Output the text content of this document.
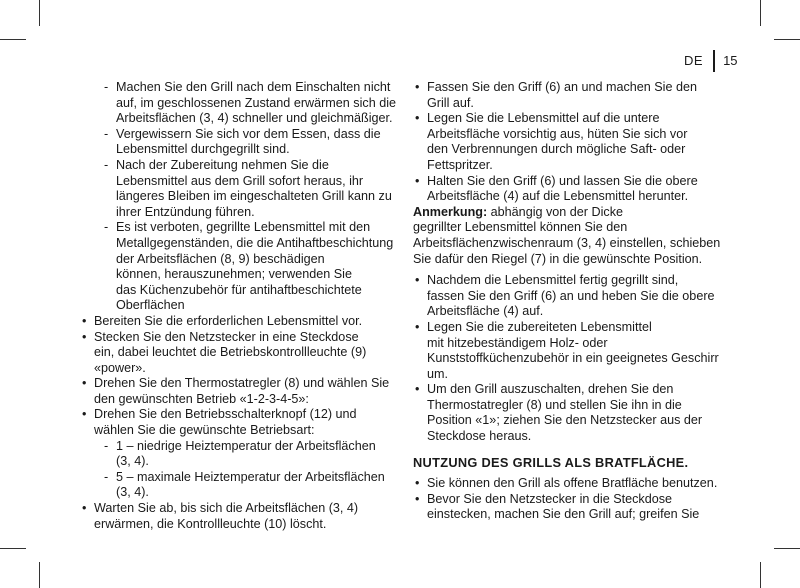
DE 15
- Machen Sie den Grill nach dem Einschalten nicht
auf, im geschlossenen Zustand erwärmen sich die
Arbeitsflächen (3, 4) schneller und gleichmäßiger.
- Vergewissern Sie sich vor dem Essen, dass die
Lebensmittel durchgegrillt sind.
- Nach der Zubereitung nehmen Sie die
Lebensmittel aus dem Grill sofort heraus, ihr
längeres Bleiben im eingeschalteten Grill kann zu
ihrer Entzündung führen.
- Es ist verboten, gegrillte Lebensmittel mit den
Metallgegenständen, die die Antihaftbeschichtung
der Arbeitsflächen (8, 9) beschädigen
können, herauszunehmen; verwenden Sie
das Küchenzubehör für antihaftbeschichtete
Oberflächen
• Bereiten Sie die erforderlichen Lebensmittel vor.
• Stecken Sie den Netzstecker in eine Steckdose
ein, dabei leuchtet die Betriebskontrollleuchte (9)
«power».
• Drehen Sie den Thermostatregler (8) und wählen Sie
den gewünschten Betrieb «1-2-3-4-5»:
• Drehen Sie den Betriebsschalterknopf (12) und
wählen Sie die gewünschte Betriebsart:
- 1 – niedrige Heiztemperatur der Arbeitsflächen
(3, 4).
- 5 – maximale Heiztemperatur der Arbeitsflächen
(3, 4).
• Warten Sie ab, bis sich die Arbeitsflächen (3, 4)
erwärmen, die Kontrollleuchte (10) löscht.
• Fassen Sie den Griff (6) an und machen Sie den
Grill auf.
• Legen Sie die Lebensmittel auf die untere
Arbeitsfläche vorsichtig aus, hüten Sie sich vor
den Verbrennungen durch mögliche Saft- oder
Fettspritzer.
• Halten Sie den Griff (6) und lassen Sie die obere
Arbeitsfläche (4) auf die Lebensmittel herunter.
Anmerkung: abhängig von der Dicke
gegrillter Lebensmittel können Sie den
Arbeitsflächenzwischenraum (3, 4) einstellen, schieben
Sie dafür den Riegel (7) in die gewünschte Position.
• Nachdem die Lebensmittel fertig gegrillt sind,
fassen Sie den Griff (6) an und heben Sie die obere
Arbeitsfläche (4) auf.
• Legen Sie die zubereiteten Lebensmittel
mit hitzebeständigem Holz- oder
Kunststoffküchenzubehör in ein geeignetes Geschirr
um.
• Um den Grill auszuschalten, drehen Sie den
Thermostatregler (8) und stellen Sie ihn in die
Position «1»; ziehen Sie den Netzstecker aus der
Steckdose heraus.
NUTZUNG DES GRILLS ALS BRATFLÄCHE.
• Sie können den Grill als offene Bratfläche benutzen.
• Bevor Sie den Netzstecker in die Steckdose
einstecken, machen Sie den Grill auf; greifen Sie
